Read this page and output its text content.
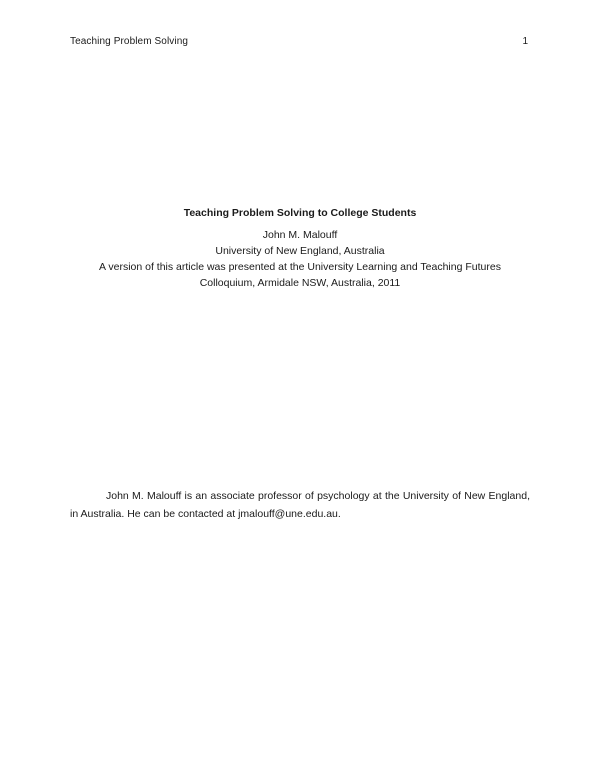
Teaching Problem Solving	1
Teaching Problem Solving to College Students
John M. Malouff
University of New England, Australia
A version of this article was presented at the University Learning and Teaching Futures
Colloquium, Armidale NSW, Australia, 2011

John M. Malouff is an associate professor of psychology at the University of New England, in Australia. He can be contacted at jmalouff@une.edu.au.
